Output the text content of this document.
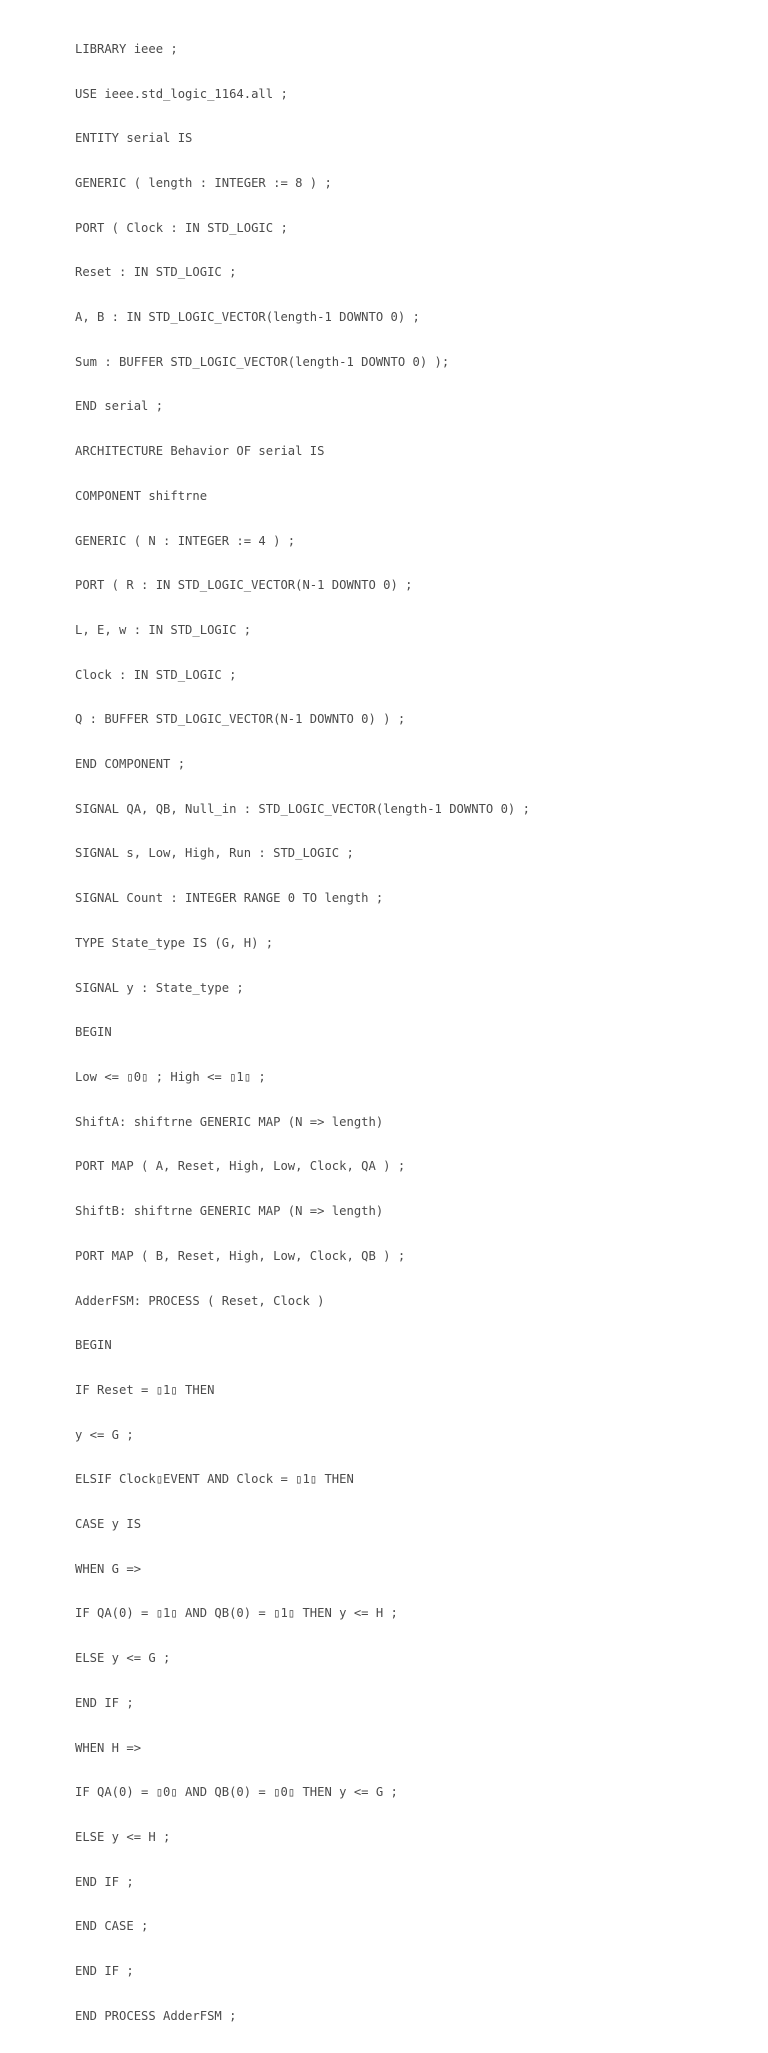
LIBRARY ieee ;

USE ieee.std_logic_1164.all ;

ENTITY serial IS

GENERIC ( length : INTEGER := 8 ) ;

PORT ( Clock : IN STD_LOGIC ;

Reset : IN STD_LOGIC ;

A, B : IN STD_LOGIC_VECTOR(length-1 DOWNTO 0) ;

Sum : BUFFER STD_LOGIC_VECTOR(length-1 DOWNTO 0) );

END serial ;

ARCHITECTURE Behavior OF serial IS

COMPONENT shiftrne

GENERIC ( N : INTEGER := 4 ) ;

PORT ( R : IN STD_LOGIC_VECTOR(N-1 DOWNTO 0) ;

L, E, w : IN STD_LOGIC ;

Clock : IN STD_LOGIC ;

Q : BUFFER STD_LOGIC_VECTOR(N-1 DOWNTO 0) ) ;

END COMPONENT ;

SIGNAL QA, QB, Null_in : STD_LOGIC_VECTOR(length-1 DOWNTO 0) ;

SIGNAL s, Low, High, Run : STD_LOGIC ;

SIGNAL Count : INTEGER RANGE 0 TO length ;

TYPE State_type IS (G, H) ;

SIGNAL y : State_type ;

BEGIN

Low <= ▯0▯ ; High <= ▯1▯ ;

ShiftA: shiftrne GENERIC MAP (N => length)

PORT MAP ( A, Reset, High, Low, Clock, QA ) ;

ShiftB: shiftrne GENERIC MAP (N => length)

PORT MAP ( B, Reset, High, Low, Clock, QB ) ;

AdderFSM: PROCESS ( Reset, Clock )

BEGIN

IF Reset = ▯1▯ THEN

y <= G ;

ELSIF Clock▯EVENT AND Clock = ▯1▯ THEN

CASE y IS

WHEN G =>

IF QA(0) = ▯1▯ AND QB(0) = ▯1▯ THEN y <= H ;

ELSE y <= G ;

END IF ;

WHEN H =>

IF QA(0) = ▯0▯ AND QB(0) = ▯0▯ THEN y <= G ;

ELSE y <= H ;

END IF ;

END CASE ;

END IF ;

END PROCESS AdderFSM ;
